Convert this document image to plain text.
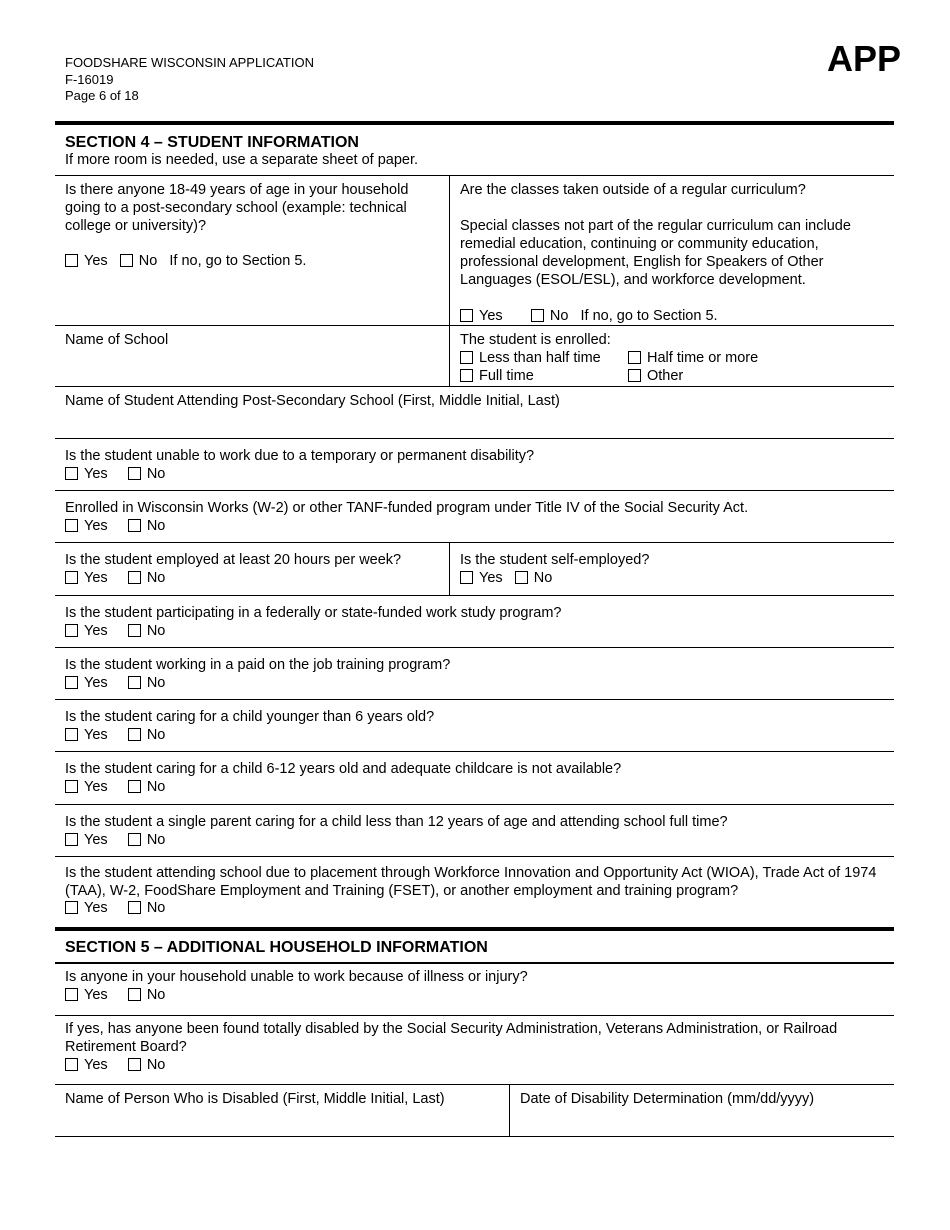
FOODSHARE WISCONSIN APPLICATION
F-16019
Page 6 of 18
APP
SECTION 4 – STUDENT INFORMATION
If more room is needed, use a separate sheet of paper.
Is there anyone 18-49 years of age in your household going to a post-secondary school (example: technical college or university)?
Yes No If no, go to Section 5.
Are the classes taken outside of a regular curriculum?
Special classes not part of the regular curriculum can include remedial education, continuing or community education, professional development, English for Speakers of Other Languages (ESOL/ESL), and workforce development.
Yes	No If no, go to Section 5.
Name of School	The student is enrolled:
Less than half time	Half time or more
Full time	Other
Name of Student Attending Post-Secondary School (First, Middle Initial, Last)
Is the student unable to work due to a temporary or permanent disability?
Yes	No
Enrolled in Wisconsin Works (W-2) or other TANF-funded program under Title IV of the Social Security Act.
Yes	No
Is the student employed at least 20 hours per week?
Yes	No
Is the student self-employed?
Yes No
Is the student participating in a federally or state-funded work study program?
Yes	No
Is the student working in a paid on the job training program?
Yes	No
Is the student caring for a child younger than 6 years old?
Yes	No
Is the student caring for a child 6-12 years old and adequate childcare is not available?
Yes	No
Is the student a single parent caring for a child less than 12 years of age and attending school full time?
Yes	No
Is the student attending school due to placement through Workforce Innovation and Opportunity Act (WIOA), Trade Act of 1974 (TAA), W-2, FoodShare Employment and Training (FSET), or another employment and training program?
Yes	No
SECTION 5 – ADDITIONAL HOUSEHOLD INFORMATION
Is anyone in your household unable to work because of illness or injury?
Yes	No
If yes, has anyone been found totally disabled by the Social Security Administration, Veterans Administration, or Railroad Retirement Board?
Yes	No
Name of Person Who is Disabled (First, Middle Initial, Last)	Date of Disability Determination (mm/dd/yyyy)
